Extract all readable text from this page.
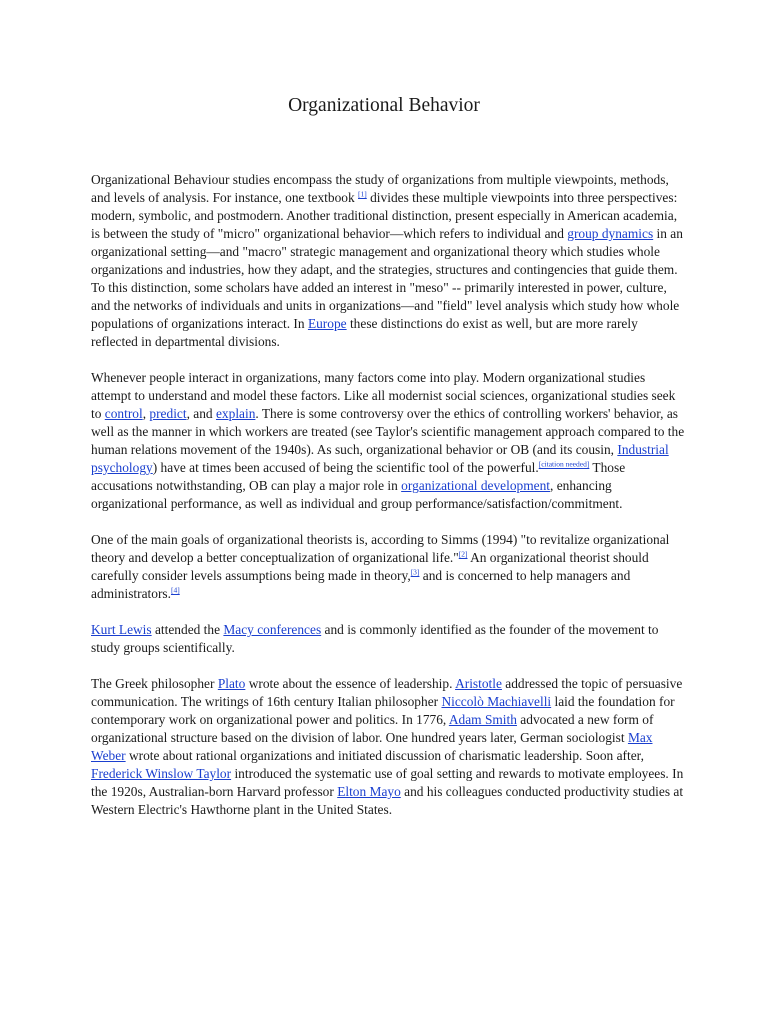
Organizational Behavior

Organizational Behaviour studies encompass the study of organizations from multiple viewpoints, methods, and levels of analysis. For instance, one textbook [1] divides these multiple viewpoints into three perspectives: modern, symbolic, and postmodern. Another traditional distinction, present especially in American academia, is between the study of "micro" organizational behavior—which refers to individual and group dynamics in an organizational setting—and "macro" strategic management and organizational theory which studies whole organizations and industries, how they adapt, and the strategies, structures and contingencies that guide them. To this distinction, some scholars have added an interest in "meso" -- primarily interested in power, culture, and the networks of individuals and units in organizations—and "field" level analysis which study how whole populations of organizations interact. In Europe these distinctions do exist as well, but are more rarely reflected in departmental divisions.

Whenever people interact in organizations, many factors come into play. Modern organizational studies attempt to understand and model these factors. Like all modernist social sciences, organizational studies seek to control, predict, and explain. There is some controversy over the ethics of controlling workers' behavior, as well as the manner in which workers are treated (see Taylor's scientific management approach compared to the human relations movement of the 1940s). As such, organizational behavior or OB (and its cousin, Industrial psychology) have at times been accused of being the scientific tool of the powerful.[citation needed] Those accusations notwithstanding, OB can play a major role in organizational development, enhancing organizational performance, as well as individual and group performance/satisfaction/commitment.

One of the main goals of organizational theorists is, according to Simms (1994) "to revitalize organizational theory and develop a better conceptualization of organizational life."[2] An organizational theorist should carefully consider levels assumptions being made in theory,[3] and is concerned to help managers and administrators.[4]

Kurt Lewis attended the Macy conferences and is commonly identified as the founder of the movement to study groups scientifically.

The Greek philosopher Plato wrote about the essence of leadership. Aristotle addressed the topic of persuasive communication. The writings of 16th century Italian philosopher Niccolò Machiavelli laid the foundation for contemporary work on organizational power and politics. In 1776, Adam Smith advocated a new form of organizational structure based on the division of labor. One hundred years later, German sociologist Max Weber wrote about rational organizations and initiated discussion of charismatic leadership. Soon after, Frederick Winslow Taylor introduced the systematic use of goal setting and rewards to motivate employees. In the 1920s, Australian-born Harvard professor Elton Mayo and his colleagues conducted productivity studies at Western Electric's Hawthorne plant in the United States.
